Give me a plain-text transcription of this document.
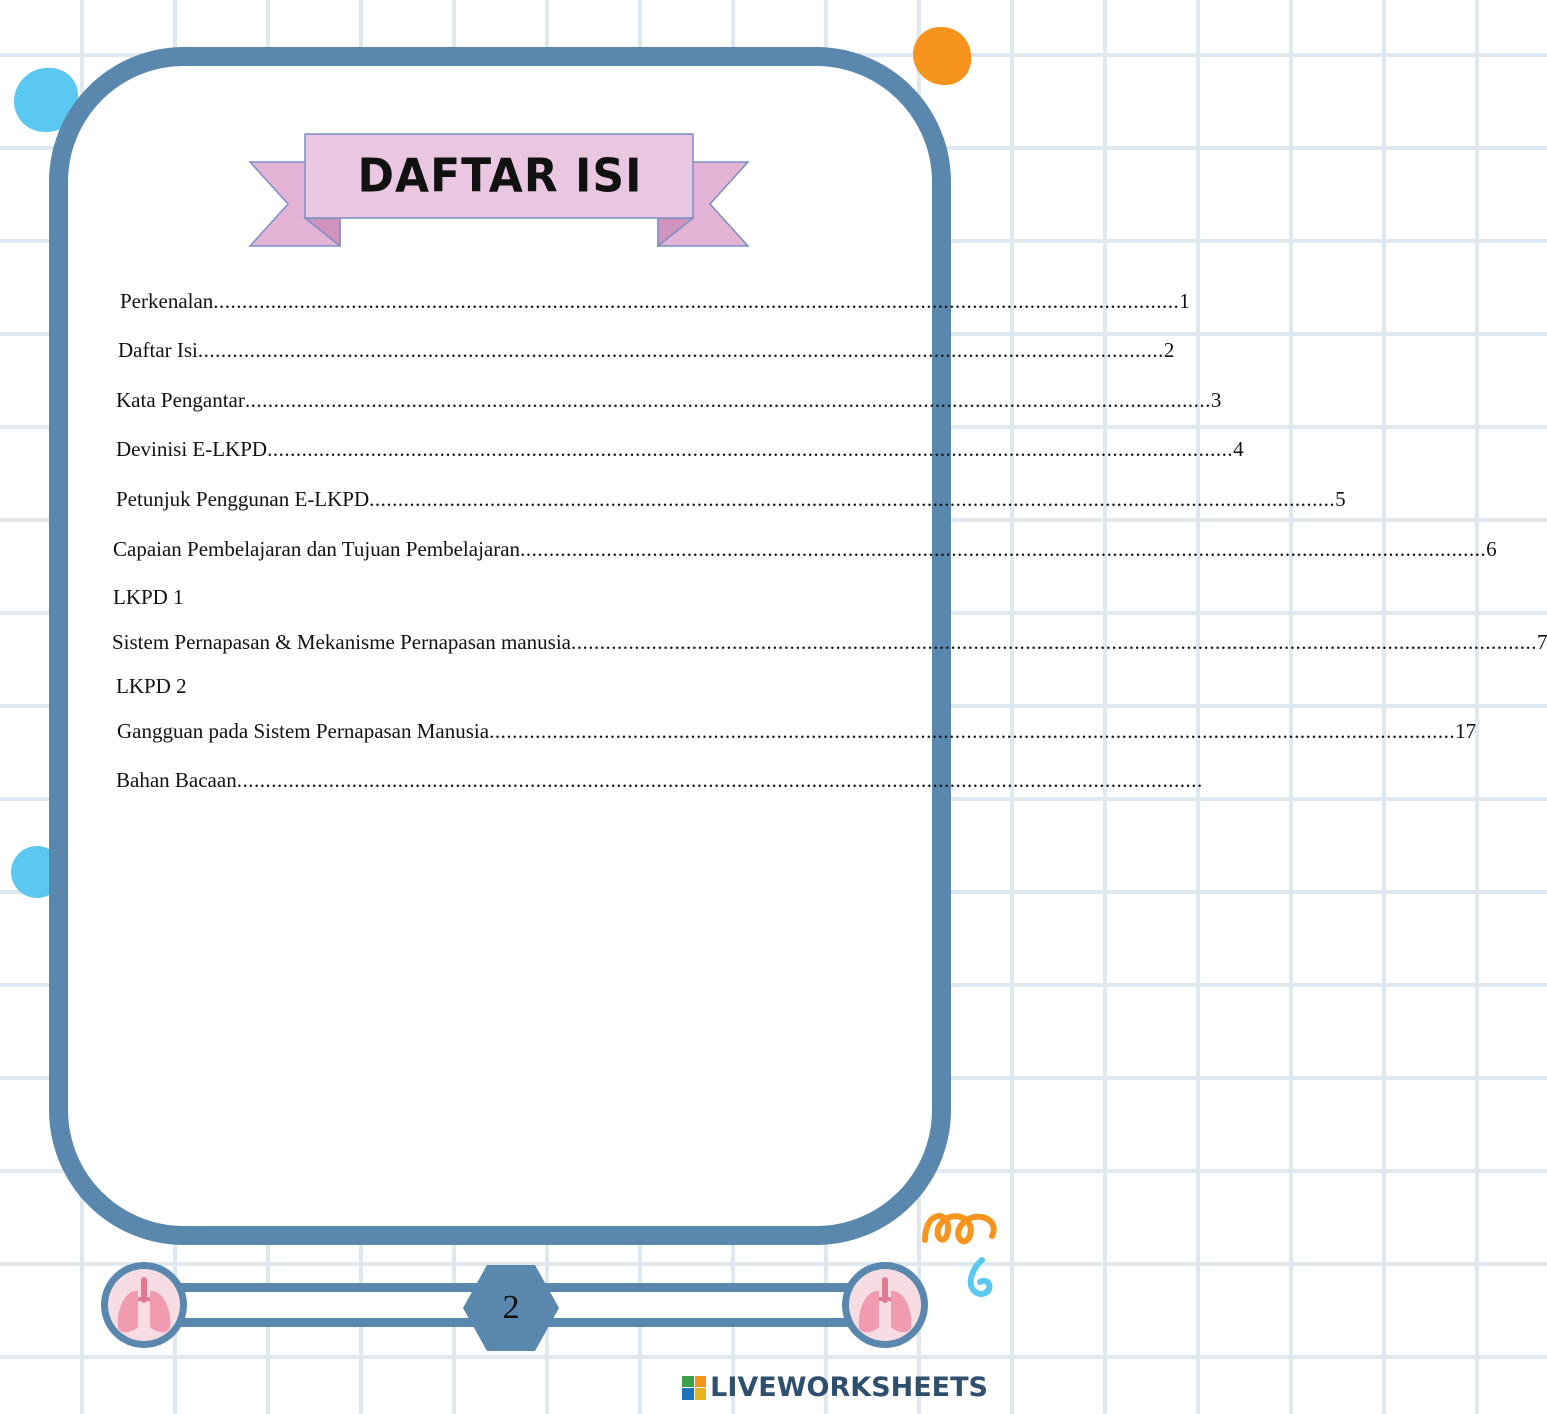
DAFTAR ISI
Perkenalan ........................................................................................................................................................................ 1
Daftar Isi ........................................................................................................................................................................ 2
Kata Pengantar ........................................................................................................................................................................ 3
Devinisi E-LKPD ........................................................................................................................................................................ 4
Petunjuk Penggunan E-LKPD ........................................................................................................................................................................ 5
Capaian Pembelajaran dan Tujuan Pembelajaran ........................................................................................................................................................................ 6
LKPD 1
Sistem Pernapasan & Mekanisme Pernapasan manusia ........................................................................................................................................................................ 7
LKPD 2
Gangguan pada Sistem Pernapasan Manusia ........................................................................................................................................................................ 17
Bahan Bacaan ........................................................................................................................................................................
2
LIVEWORKSHEETS
